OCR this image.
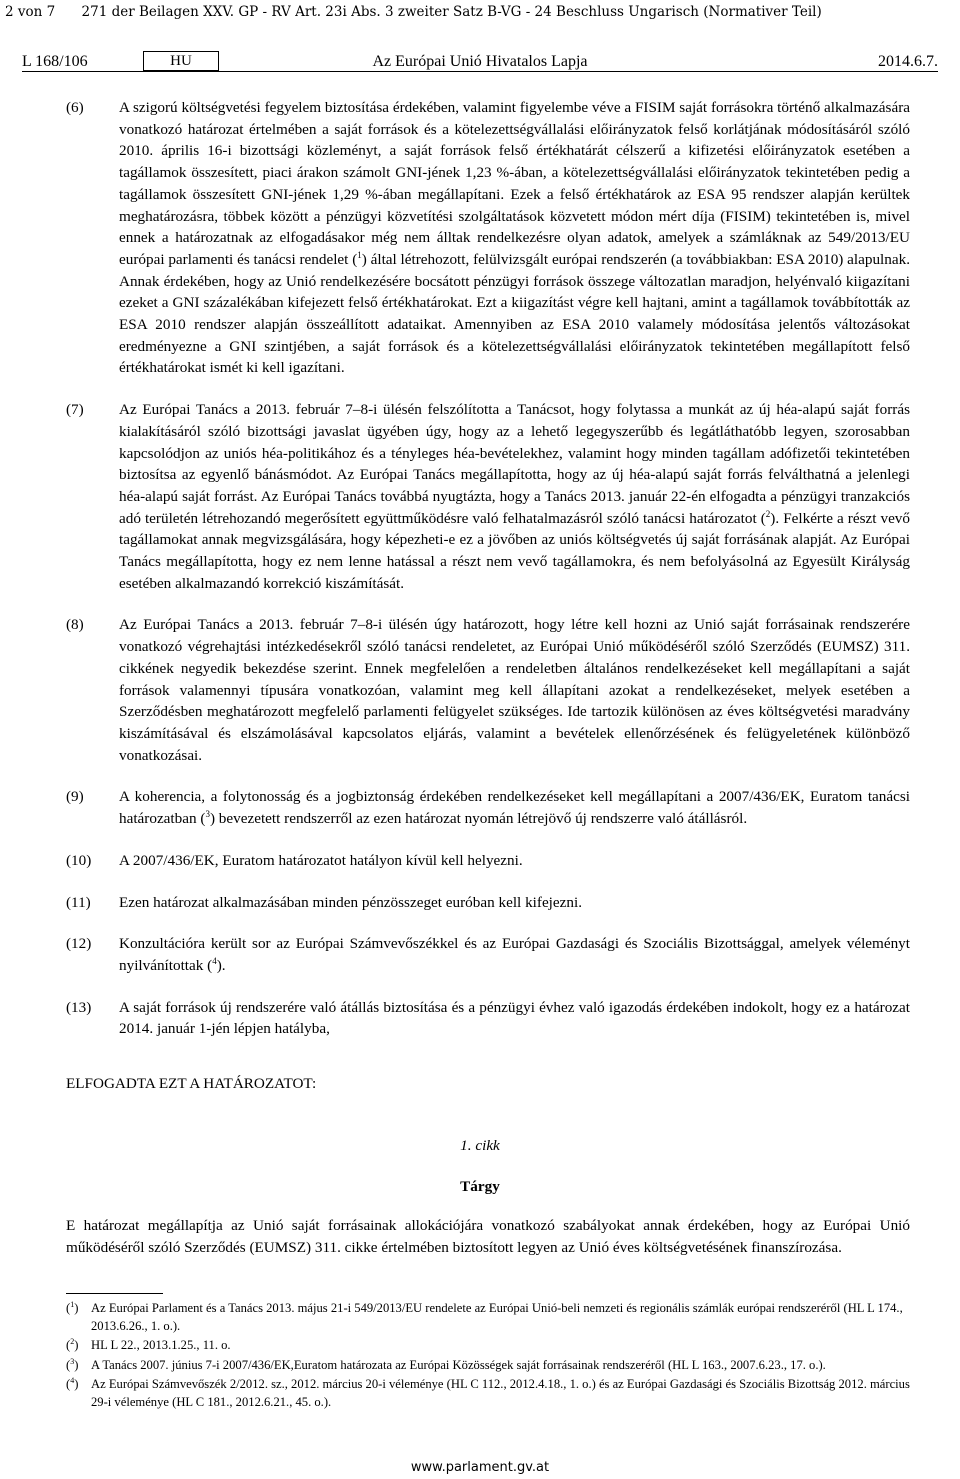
2 von 7 271 der Beilagen XXV. GP - RV Art. 23i Abs. 3 zweiter Satz B-VG - 24 Beschluss Ungarisch (Normativer Teil)
Az Európai Unió Hivatalos Lapja
L 168/106	HU	2014.6.7.
(6) A szigorú költségvetési fegyelem biztosítása érdekében, valamint figyelembe véve a FISIM saját forrásokra történő alkalmazására vonatkozó határozat értelmében a saját források és a kötelezettségvállalási előirányzatok felső korlátjának módosításáról szóló 2010. április 16-i bizottsági közleményt, a saját források felső értékhatárát célszerű a kifizetési előirányzatok esetében a tagállamok összesített, piaci árakon számolt GNI-jének 1,23 %-ában, a kötelezettségvállalási előirányzatok tekintetében pedig a tagállamok összesített GNI-jének 1,29 %-ában megállapítani. Ezek a felső értékhatárok az ESA 95 rendszer alapján kerültek meghatározásra, többek között a pénzügyi közvetítési szolgáltatások közvetett módon mért díja (FISIM) tekintetében is, mivel ennek a határozatnak az elfogadásakor még nem álltak rendelkezésre olyan adatok, amelyek a számláknak az 549/2013/EU európai parlamenti és tanácsi rendelet ($^1$) által létrehozott, felülvizsgált európai rendszerén (a továbbiakban: ESA 2010) alapulnak. Annak érdekében, hogy az Unió rendelkezésére bocsátott pénzügyi források összege változatlan maradjon, helyénvaló kiigazítani ezeket a GNI százalékában kifejezett felső értékhatárokat. Ezt a kiigazítást végre kell hajtani, amint a tagállamok továbbították az ESA 2010 rendszer alapján összeállított adataikat. Amennyiben az ESA 2010 valamely módosítása jelentős változásokat eredményezne a GNI szintjében, a saját források és a kötelezettségvállalási előirányzatok tekintetében megállapított felső értékhatárokat ismét ki kell igazítani.

(7) Az Európai Tanács a 2013. február 7–8-i ülésén felszólította a Tanácsot, hogy folytassa a munkát az új héa-alapú saját forrás kialakításáról szóló bizottsági javaslat ügyében úgy, hogy az a lehető legegyszerűbb és legátláthatóbb legyen, szorosabban kapcsolódjon az uniós héa-politikához és a tényleges héa-bevételekhez, valamint hogy minden tagállam adófizetői tekintetében biztosítsa az egyenlő bánásmódot. Az Európai Tanács megállapította, hogy az új héa-alapú saját forrás felválthatná a jelenlegi héa-alapú saját forrást. Az Európai Tanács továbbá nyugtázta, hogy a Tanács 2013. január 22-én elfogadta a pénzügyi tranzakciós adó területén létrehozandó megerősített együttműködésre való felhatalmazásról szóló tanácsi határozatot ($^2$). Felkérte a részt vevő tagállamokat annak megvizsgálására, hogy képezheti-e ez a jövőben az uniós költségvetés új saját forrásának alapját. Az Európai Tanács megállapította, hogy ez nem lenne hatással a részt nem vevő tagállamokra, és nem befolyásolná az Egyesült Királyság esetében alkalmazandó korrekció kiszámítását.

(8) Az Európai Tanács a 2013. február 7–8-i ülésén úgy határozott, hogy létre kell hozni az Unió saját forrásainak rendszerére vonatkozó végrehajtási intézkedésekről szóló tanácsi rendeletet, az Európai Unió működéséről szóló Szerződés (EUMSZ) 311. cikkének negyedik bekezdése szerint. Ennek megfelelően a rendeletben általános rendelkezéseket kell megállapítani a saját források valamennyi típusára vonatkozóan, valamint meg kell állapítani azokat a rendelkezéseket, melyek esetében a Szerződésben meghatározott megfelelő parlamenti felügyelet szükséges. Ide tartozik különösen az éves költségvetési maradvány kiszámításával és elszámolásával kapcsolatos eljárás, valamint a bevételek ellenőrzésének és felügyeletének különböző vonatkozásai.

(9) A koherencia, a folytonosság és a jogbiztonság érdekében rendelkezéseket kell megállapítani a 2007/436/EK, Euratom tanácsi határozatban ($^3$) bevezetett rendszerről az ezen határozat nyomán létrejövő új rendszerre való átállásról.

(10) A 2007/436/EK, Euratom határozatot hatályon kívül kell helyezni.

(11) Ezen határozat alkalmazásában minden pénzösszeget euróban kell kifejezni.

(12) Konzultációra került sor az Európai Számvevőszékkel és az Európai Gazdasági és Szociális Bizottsággal, amelyek véleményt nyilvánítottak ($^4$).

(13) A saját források új rendszerére való átállás biztosítása és a pénzügyi évhez való igazodás érdekében indokolt, hogy ez a határozat 2014. január 1-jén lépjen hatályba,

ELFOGADTA EZT A HATÁROZATOT:
1. cikk
Tárgy

E határozat megállapítja az Unió saját forrásainak allokációjára vonatkozó szabályokat annak érdekében, hogy az Európai Unió működéséről szóló Szerződés (EUMSZ) 311. cikke értelmében biztosított legyen az Unió éves költségvetésének finanszírozása.

($^1$) Az Európai Parlament és a Tanács 2013. május 21-i 549/2013/EU rendelete az Európai Unió-beli nemzeti és regionális számlák európai rendszeréről (HL L 174., 2013.6.26., 1. o.).
($^2$) HL L 22., 2013.1.25., 11. o.
($^3$) A Tanács 2007. június 7-i 2007/436/EK,Euratom határozata az Európai Közösségek saját forrásainak rendszeréről (HL L 163., 2007.6.23., 17. o.).
($^4$) Az Európai Számvevőszék 2/2012. sz., 2012. március 20-i véleménye (HL C 112., 2012.4.18., 1. o.) és az Európai Gazdasági és Szociális Bizottság 2012. március 29-i véleménye (HL C 181., 2012.6.21., 45. o.).
www.parlament.gv.at
